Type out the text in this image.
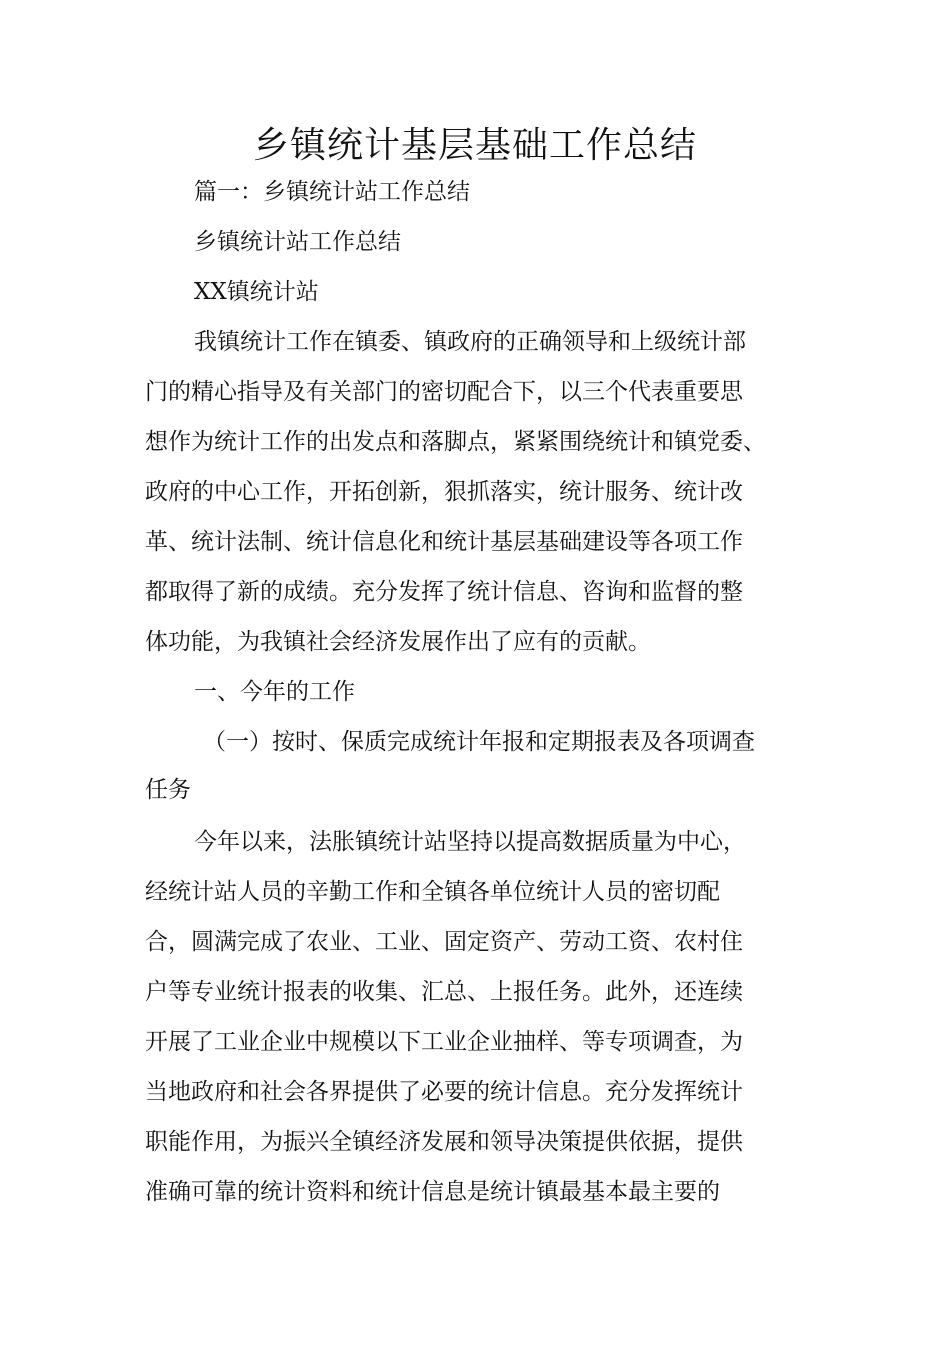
乡镇统计基层基础工作总结

篇一：乡镇统计站工作总结

乡镇统计站工作总结

XX镇统计站

我镇统计工作在镇委、镇政府的正确领导和上级统计部

门的精心指导及有关部门的密切配合下，以三个代表重要思

想作为统计工作的出发点和落脚点，紧紧围绕统计和镇党委、

政府的中心工作，开拓创新，狠抓落实，统计服务、统计改

革、统计法制、统计信息化和统计基层基础建设等各项工作

都取得了新的成绩。充分发挥了统计信息、咨询和监督的整

体功能，为我镇社会经济发展作出了应有的贡献。

一、今年的工作

（一）按时、保质完成统计年报和定期报表及各项调查

任务

今年以来，法胀镇统计站坚持以提高数据质量为中心，

经统计站人员的辛勤工作和全镇各单位统计人员的密切配

合，圆满完成了农业、工业、固定资产、劳动工资、农村住

户等专业统计报表的收集、汇总、上报任务。此外，还连续

开展了工业企业中规模以下工业企业抽样、等专项调查，为

当地政府和社会各界提供了必要的统计信息。充分发挥统计

职能作用，为振兴全镇经济发展和领导决策提供依据，提供

准确可靠的统计资料和统计信息是统计镇最基本最主要的
